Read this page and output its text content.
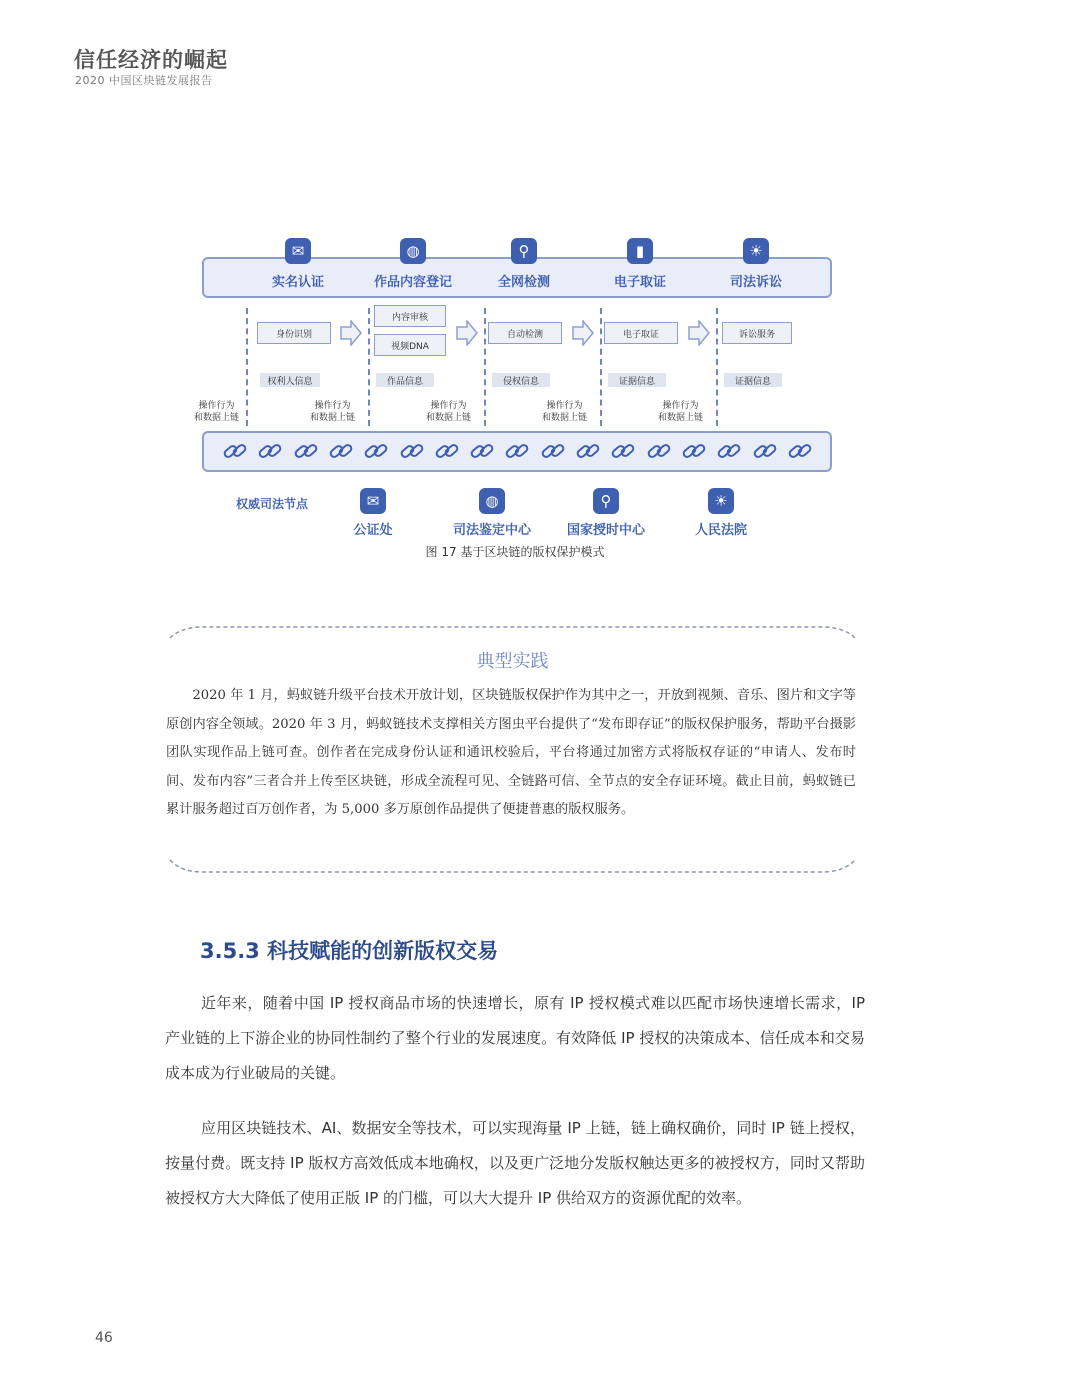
信任经济的崛起
2020 中国区块链发展报告
✉
实名认证
◍
作品内容登记
⚲
全网检测
▮
电子取证
☀
司法诉讼
身份识别
内容审核
视频DNA
自动检测	电子取证	诉讼服务
权利人信息	作品信息	侵权信息	证据信息	证据信息
操作行为
和数据上链
操作行为
和数据上链
操作行为
和数据上链
操作行为
和数据上链
操作行为
和数据上链
权威司法节点	✉
公证处
◍
司法鉴定中心
⚲
国家授时中心
☀
人民法院
图 17 基于区块链的版权保护模式
典型实践

2020 年 1 月，蚂蚁链升级平台技术开放计划，区块链版权保护作为其中之一，开放到视频、音乐、图片和文字等原创内容全领域。2020 年 3 月，蚂蚁链技术支撑相关方图虫平台提供了“发布即存证”的版权保护服务，帮助平台摄影团队实现作品上链可查。创作者在完成身份认证和通讯校验后，平台将通过加密方式将版权存证的“申请人、发布时间、发布内容”三者合并上传至区块链，形成全流程可见、全链路可信、全节点的安全存证环境。截止目前，蚂蚁链已累计服务超过百万创作者，为 5,000 多万原创作品提供了便捷普惠的版权服务。

3.5.3 科技赋能的创新版权交易

近年来，随着中国 IP 授权商品市场的快速增长，原有 IP 授权模式难以匹配市场快速增长需求，IP 产业链的上下游企业的协同性制约了整个行业的发展速度。有效降低 IP 授权的决策成本、信任成本和交易成本成为行业破局的关键。

应用区块链技术、AI、数据安全等技术，可以实现海量 IP 上链，链上确权确价，同时 IP 链上授权，按量付费。既支持 IP 版权方高效低成本地确权，以及更广泛地分发版权触达更多的被授权方，同时又帮助被授权方大大降低了使用正版 IP 的门槛，可以大大提升 IP 供给双方的资源优配的效率。

46
